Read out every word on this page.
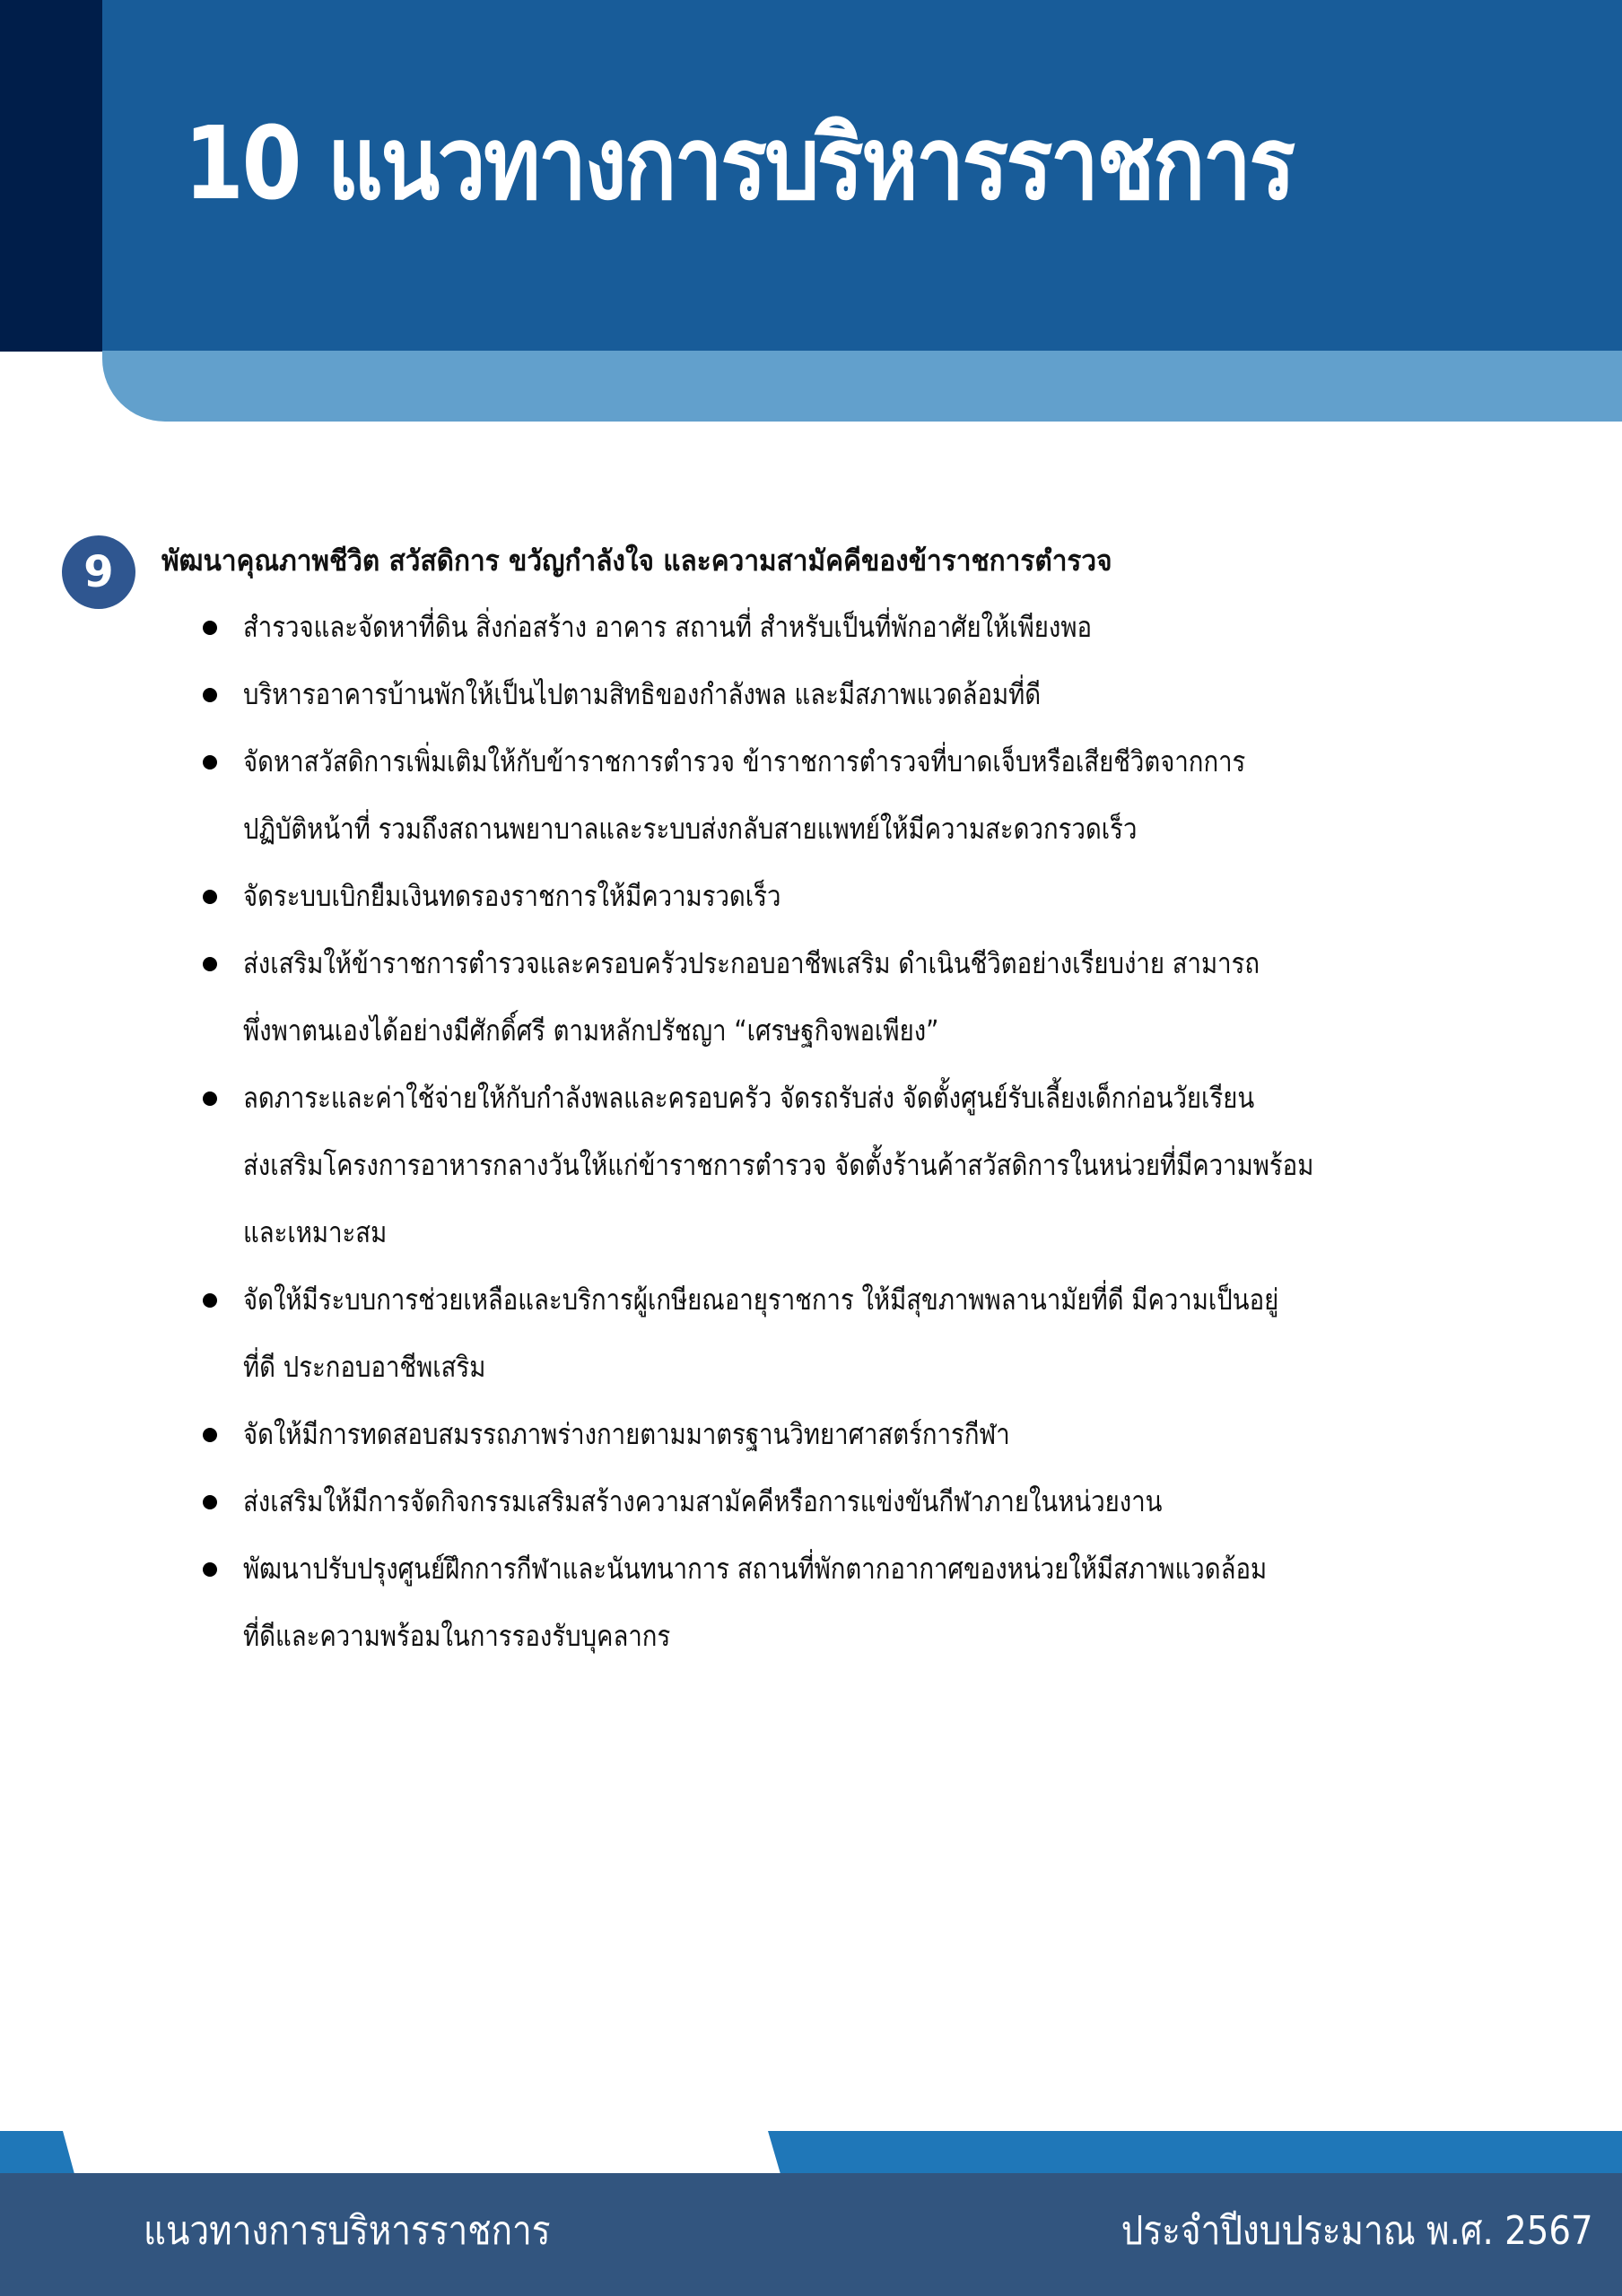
10 แนวทางการบริหารราชการ
9	พัฒนาคุณภาพชีวิต สวัสดิการ ขวัญกำลังใจ และความสามัคคีของข้าราชการตำรวจ
สำรวจและจัดหาที่ดิน สิ่งก่อสร้าง อาคาร สถานที่ สำหรับเป็นที่พักอาศัยให้เพียงพอ
บริหารอาคารบ้านพักให้เป็นไปตามสิทธิของกำลังพล และมีสภาพแวดล้อมที่ดี
จัดหาสวัสดิการเพิ่มเติมให้กับข้าราชการตำรวจ ข้าราชการตำรวจที่บาดเจ็บหรือเสียชีวิตจากการ
ปฏิบัติหน้าที่ รวมถึงสถานพยาบาลและระบบส่งกลับสายแพทย์ให้มีความสะดวกรวดเร็ว
จัดระบบเบิกยืมเงินทดรองราชการให้มีความรวดเร็ว
ส่งเสริมให้ข้าราชการตำรวจและครอบครัวประกอบอาชีพเสริม ดำเนินชีวิตอย่างเรียบง่าย สามารถ
พึ่งพาตนเองได้อย่างมีศักดิ์ศรี ตามหลักปรัชญา “เศรษฐกิจพอเพียง”
ลดภาระและค่าใช้จ่ายให้กับกำลังพลและครอบครัว จัดรถรับส่ง จัดตั้งศูนย์รับเลี้ยงเด็กก่อนวัยเรียน
ส่งเสริมโครงการอาหารกลางวันให้แก่ข้าราชการตำรวจ จัดตั้งร้านค้าสวัสดิการในหน่วยที่มีความพร้อม
และเหมาะสม
จัดให้มีระบบการช่วยเหลือและบริการผู้เกษียณอายุราชการ ให้มีสุขภาพพลานามัยที่ดี มีความเป็นอยู่
ที่ดี ประกอบอาชีพเสริม
จัดให้มีการทดสอบสมรรถภาพร่างกายตามมาตรฐานวิทยาศาสตร์การกีฬา
ส่งเสริมให้มีการจัดกิจกรรมเสริมสร้างความสามัคคีหรือการแข่งขันกีฬาภายในหน่วยงาน
พัฒนาปรับปรุงศูนย์ฝึกการกีฬาและนันทนาการ สถานที่พักตากอากาศของหน่วยให้มีสภาพแวดล้อม
ที่ดีและความพร้อมในการรองรับบุคลากร
แนวทางการบริหารราชการ	ประจำปีงบประมาณ พ.ศ. 2567
